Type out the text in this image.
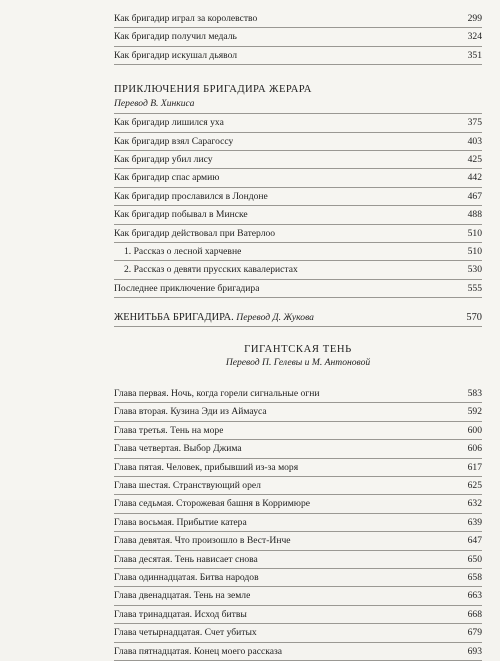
Как бригадир играл за королевство	299
Как бригадир получил медаль	324
Как бригадир искушал дьявол	351
ПРИКЛЮЧЕНИЯ БРИГАДИРА ЖЕРАРА
Перевод В. Хинкиса
Как бригадир лишился уха	375
Как бригадир взял Сарагоссу	403
Как бригадир убил лису	425
Как бригадир спас армию	442
Как бригадир прославился в Лондоне	467
Как бригадир побывал в Минске	488
Как бригадир действовал при Ватерлоо	510
1. Рассказ о лесной харчевне	510
2. Рассказ о девяти прусских кавалеристах	530
Последнее приключение бригадира	555
ЖЕНИТЬБА БРИГАДИРА. Перевод Д. Жукова	570
ГИГАНТСКАЯ ТЕНЬ
Перевод П. Гелевы и М. Антоновой
Глава первая. Ночь, когда горели сигнальные огни	583
Глава вторая. Кузина Эди из Аймауса	592
Глава третья. Тень на море	600
Глава четвертая. Выбор Джима	606
Глава пятая. Человек, прибывший из-за моря	617
Глава шестая. Странствующий орел	625
Глава седьмая. Сторожевая башня в Корримюре	632
Глава восьмая. Прибытие катера	639
Глава девятая. Что произошло в Вест-Инче	647
Глава десятая. Тень нависает снова	650
Глава одиннадцатая. Битва народов	658
Глава двенадцатая. Тень на земле	663
Глава тринадцатая. Исход битвы	668
Глава четырнадцатая. Счет убитых	679
Глава пятнадцатая. Конец моего рассказа	693
